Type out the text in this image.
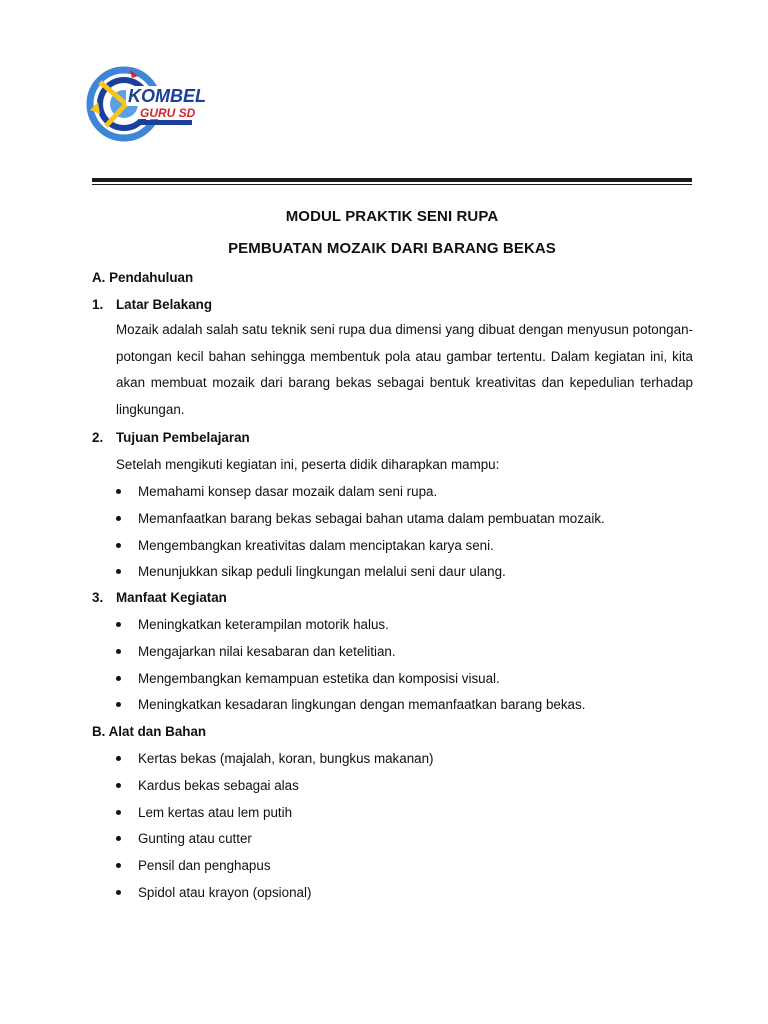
KOMBEL
GURU SD
MODUL PRAKTIK SENI RUPA
PEMBUATAN MOZAIK DARI BARANG BEKAS
A. Pendahuluan
1. Latar Belakang

Mozaik adalah salah satu teknik seni rupa dua dimensi yang dibuat dengan menyusun potongan-potongan kecil bahan sehingga membentuk pola atau gambar tertentu. Dalam kegiatan ini, kita akan membuat mozaik dari barang bekas sebagai bentuk kreativitas dan kepedulian terhadap lingkungan.

2. Tujuan Pembelajaran
Setelah mengikuti kegiatan ini, peserta didik diharapkan mampu:
Memahami konsep dasar mozaik dalam seni rupa.
Memanfaatkan barang bekas sebagai bahan utama dalam pembuatan mozaik.
Mengembangkan kreativitas dalam menciptakan karya seni.
Menunjukkan sikap peduli lingkungan melalui seni daur ulang.
3. Manfaat Kegiatan
Meningkatkan keterampilan motorik halus.
Mengajarkan nilai kesabaran dan ketelitian.
Mengembangkan kemampuan estetika dan komposisi visual.
Meningkatkan kesadaran lingkungan dengan memanfaatkan barang bekas.
B. Alat dan Bahan
Kertas bekas (majalah, koran, bungkus makanan)
Kardus bekas sebagai alas
Lem kertas atau lem putih
Gunting atau cutter
Pensil dan penghapus
Spidol atau krayon (opsional)
